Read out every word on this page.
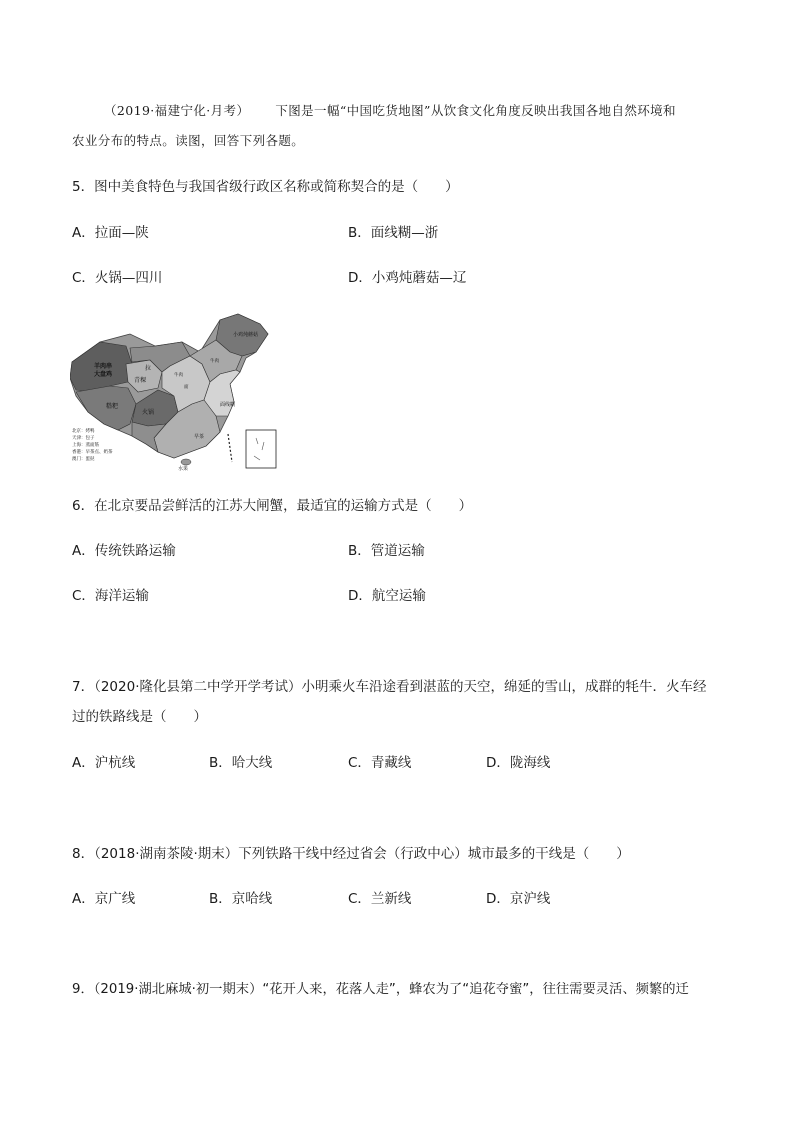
（2019·福建宁化·月考） 下图是一幅“中国吃货地图”从饮食文化角度反映出我国各地自然环境和
农业分布的特点。读图，回答下列各题。
5．图中美食特色与我国省级行政区名称或简称契合的是（　　）
A．拉面—陕	B．面线糊—浙
C．火锅—四川	D．小鸡炖蘑菇—辽
羊肉串
大盘鸡
拉
青稞
糌粑
火锅
小鸡炖蘑菇
面线糊
早茶
水果
牛肉
面
牛肉
北京：烤鸭
天津：包子
上海：蒸面筋
香港：早茶点、奶茶
澳门：蛋挞
6．在北京要品尝鲜活的江苏大闸蟹，最适宜的运输方式是（　　）
A．传统铁路运输	B．管道运输
C．海洋运输	D．航空运输
7．（2020·隆化县第二中学开学考试）小明乘火车沿途看到湛蓝的天空，绵延的雪山，成群的牦牛．火车经
过的铁路线是（　　）
A．沪杭线	B．哈大线	C．青藏线	D．陇海线
8．（2018·湖南茶陵·期末）下列铁路干线中经过省会（行政中心）城市最多的干线是（　　）
A．京广线	B．京哈线	C．兰新线	D．京沪线
9．（2019·湖北麻城·初一期末）“花开人来，花落人走”，蜂农为了“追花夺蜜”，往往需要灵活、频繁的迁
